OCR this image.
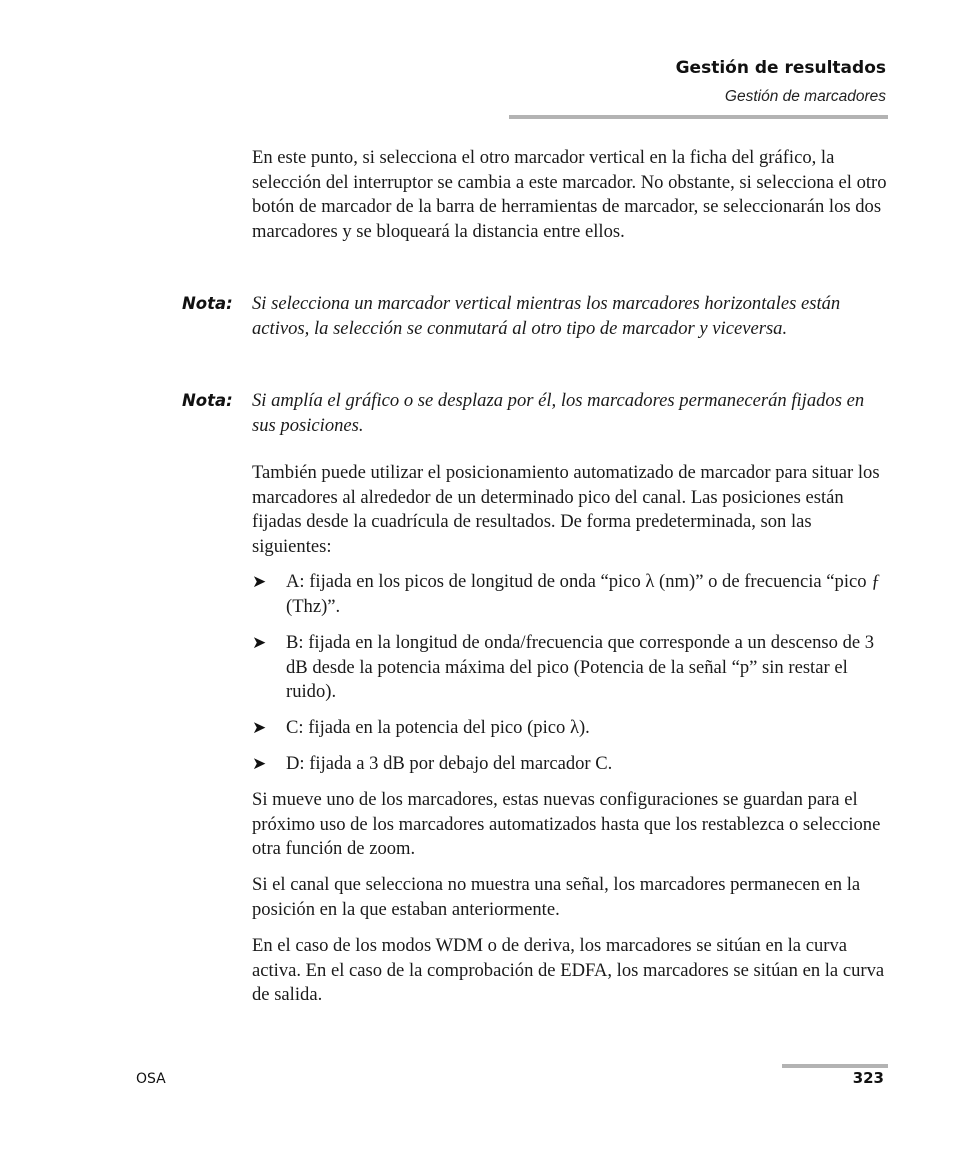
Gestión de resultados
Gestión de marcadores

En este punto, si selecciona el otro marcador vertical en la ficha del gráfico, la selección del interruptor se cambia a este marcador. No obstante, si selecciona el otro botón de marcador de la barra de herramientas de marcador, se seleccionarán los dos marcadores y se bloqueará la distancia entre ellos.

Nota: Si selecciona un marcador vertical mientras los marcadores horizontales están activos, la selección se conmutará al otro tipo de marcador y viceversa.
Nota: Si amplía el gráfico o se desplaza por él, los marcadores permanecerán fijados en sus posiciones.

También puede utilizar el posicionamiento automatizado de marcador para situar los marcadores al alrededor de un determinado pico del canal. Las posiciones están fijadas desde la cuadrícula de resultados. De forma predeterminada, son las siguientes:

➤ A: fijada en los picos de longitud de onda “pico λ (nm)” o de frecuencia “pico ƒ (Thz)”.
➤ B: fijada en la longitud de onda/frecuencia que corresponde a un descenso de 3 dB desde la potencia máxima del pico (Potencia de la señal “p” sin restar el ruido).
➤ C: fijada en la potencia del pico (pico λ).
➤ D: fijada a 3 dB por debajo del marcador C.

Si mueve uno de los marcadores, estas nuevas configuraciones se guardan para el próximo uso de los marcadores automatizados hasta que los restablezca o seleccione otra función de zoom.

Si el canal que selecciona no muestra una señal, los marcadores permanecen en la posición en la que estaban anteriormente.

En el caso de los modos WDM o de deriva, los marcadores se sitúan en la curva activa. En el caso de la comprobación de EDFA, los marcadores se sitúan en la curva de salida.

OSA	323
